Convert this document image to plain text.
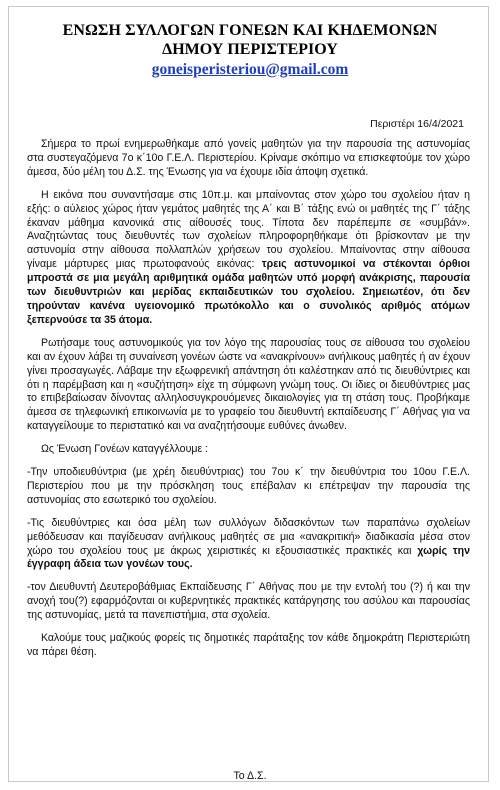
ΕΝΩΣΗ ΣΥΛΛΟΓΩΝ ΓΟΝΕΩΝ ΚΑΙ ΚΗΔΕΜΟΝΩΝ
ΔΗΜΟΥ ΠΕΡΙΣΤΕΡΙΟΥ
goneisperisteriou@gmail.com
Περιστέρι 16/4/2021

Σήμερα το πρωί ενημερωθήκαμε από γονείς μαθητών για την παρουσία της αστυνομίας στα συστεγαζόμενα 7ο κ΄10ο Γ.Ε.Λ. Περιστερίου. Κρίναμε σκόπιμο να επισκεφτούμε τον χώρο άμεσα, δύο μέλη του Δ.Σ. της Ένωσης για να έχουμε ιδία άποψη σχετικά.

Η εικόνα που συναντήσαμε στις 10π.μ. και μπαίνοντας στον χώρο του σχολείου ήταν η εξής: ο αύλειος χώρος ήταν γεμάτος μαθητές της Α΄ και Β΄ τάξης ενώ οι μαθητές της Γ΄ τάξης έκαναν μάθημα κανονικά στις αίθουσές τους. Τίποτα δεν παρέπεμπε σε «συμβάν». Αναζητώντας τους διευθυντές των σχολείων πληροφορηθήκαμε ότι βρίσκονταν με την αστυνομία στην αίθουσα πολλαπλών χρήσεων του σχολείου. Μπαίνοντας στην αίθουσα γίναμε μάρτυρες μιας πρωτοφανούς εικόνας: τρεις αστυνομικοί να στέκονται όρθιοι μπροστά σε μια μεγάλη αριθμητικά ομάδα μαθητών υπό μορφή ανάκρισης, παρουσία των διευθυντριών και μερίδας εκπαιδευτικών του σχολείου. Σημειωτέον, ότι δεν τηρούνταν κανένα υγειονομικό πρωτόκολλο και ο συνολικός αριθμός ατόμων ξεπερνούσε τα 35 άτομα.

Ρωτήσαμε τους αστυνομικούς για τον λόγο της παρουσίας τους σε αίθουσα του σχολείου και αν έχουν λάβει τη συναίνεση γονέων ώστε να «ανακρίνουν» ανήλικους μαθητές ή αν έχουν γίνει προσαγωγές. Λάβαμε την εξωφρενική απάντηση ότι καλέστηκαν από τις διευθύντριες και ότι η παρέμβαση και η «συζήτηση» είχε τη σύμφωνη γνώμη τους. Οι ίδιες οι διευθύντριες μας το επιβεβαίωσαν δίνοντας αλληλοσυγκρουόμενες δικαιολογίες για τη στάση τους. Προβήκαμε άμεσα σε τηλεφωνική επικοινωνία με το γραφείο του διευθυντή εκπαίδευσης Γ΄ Αθήνας για να καταγγείλουμε το περιστατικό και να αναζητήσουμε ευθύνες άνωθεν.

Ως Ένωση Γονέων καταγγέλλουμε :

-Την υποδιευθύντρια (με χρέη διευθύντριας) του 7ου κ΄ την διευθύντρια του 10ου Γ.Ε.Λ. Περιστερίου που με την πρόσκληση τους επέβαλαν κι επέτρεψαν την παρουσία της αστυνομίας στο εσωτερικό του σχολείου.

-Τις διευθύντριες και όσα μέλη των συλλόγων διδασκόντων των παραπάνω σχολείων μεθόδευσαν και παγίδευσαν ανήλικους μαθητές σε μια «ανακριτική» διαδικασία μέσα στον χώρο του σχολείου τους με άκρως χειριστικές κι εξουσιαστικές πρακτικές και χωρίς την έγγραφη άδεια των γονέων τους.

-τον Διευθυντή Δευτεροβάθμιας Εκπαίδευσης Γ΄ Αθήνας που με την εντολή του (?) ή και την ανοχή του(?) εφαρμόζονται οι κυβερνητικές πρακτικές κατάργησης του ασύλου και παρουσίας της αστυνομίας, μετά τα πανεπιστήμια, στα σχολεία.

Καλούμε τους μαζικούς φορείς τις δημοτικές παράταξης τον κάθε δημοκράτη Περιστεριώτη να πάρει θέση.

Το Δ.Σ.
